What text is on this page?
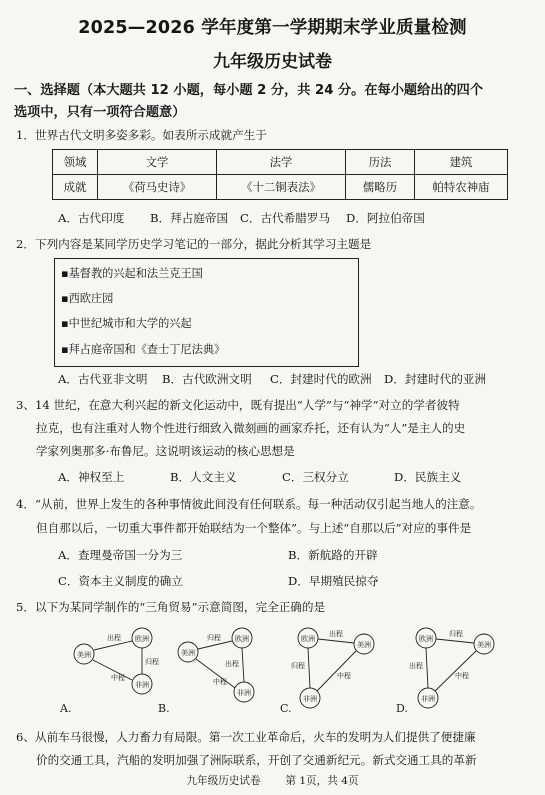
2025—2026 学年度第一学期期末学业质量检测
九年级历史试卷
一、选择题（本大题共 12 小题，每小题 2 分，共 24 分。在每小题给出的四个
选项中，只有一项符合题意）
1．世界古代文明多姿多彩。如表所示成就产生于
领域	文学	法学	历法	建筑
成就	《荷马史诗》	《十二铜表法》	儒略历	帕特农神庙
A．古代印度 B．拜占庭帝国 C．古代希腊罗马 D．阿拉伯帝国
2．下列内容是某同学历史学习笔记的一部分，据此分析其学习主题是
▪基督教的兴起和法兰克王国
▪西欧庄园
▪中世纪城市和大学的兴起
▪拜占庭帝国和《查士丁尼法典》
A．古代亚非文明 B．古代欧洲文明 C．封建时代的欧洲 D．封建时代的亚洲
3、14 世纪，在意大利兴起的新文化运动中，既有提出“人学”与“神学”对立的学者彼特
拉克，也有注重对人物个性进行细致入微刻画的画家乔托，还有认为“人”是主人的史
学家列奥那多·布鲁尼。这说明该运动的核心思想是
A．神权至上	B．人文主义	C．三权分立	D．民族主义
4．“从前，世界上发生的各种事情彼此间没有任何联系。每一种活动仅引起当地人的注意。
但自那以后，一切重大事件都开始联结为一个整体”。与上述“自那以后”对应的事件是
A．查理曼帝国一分为三	B．新航路的开辟
C．资本主义制度的确立	D．早期殖民掠夺
5．以下为某同学制作的“三角贸易”示意简图，完全正确的是
美洲
欧洲
非洲
出程
归程
中程
A.
美洲
欧洲
非洲
归程
出程
中程
B.
欧洲
美洲
非洲
出程
归程
中程
C.
欧洲
美洲
非洲
归程
出程
中程
D.
6、从前车马很慢，人力畜力有局限。第一次工业革命后，火车的发明为人们提供了便捷廉
价的交通工具，汽船的发明加强了洲际联系，开创了交通新纪元。新式交通工具的革新
九年级历史试卷 第 1页，共 4页
